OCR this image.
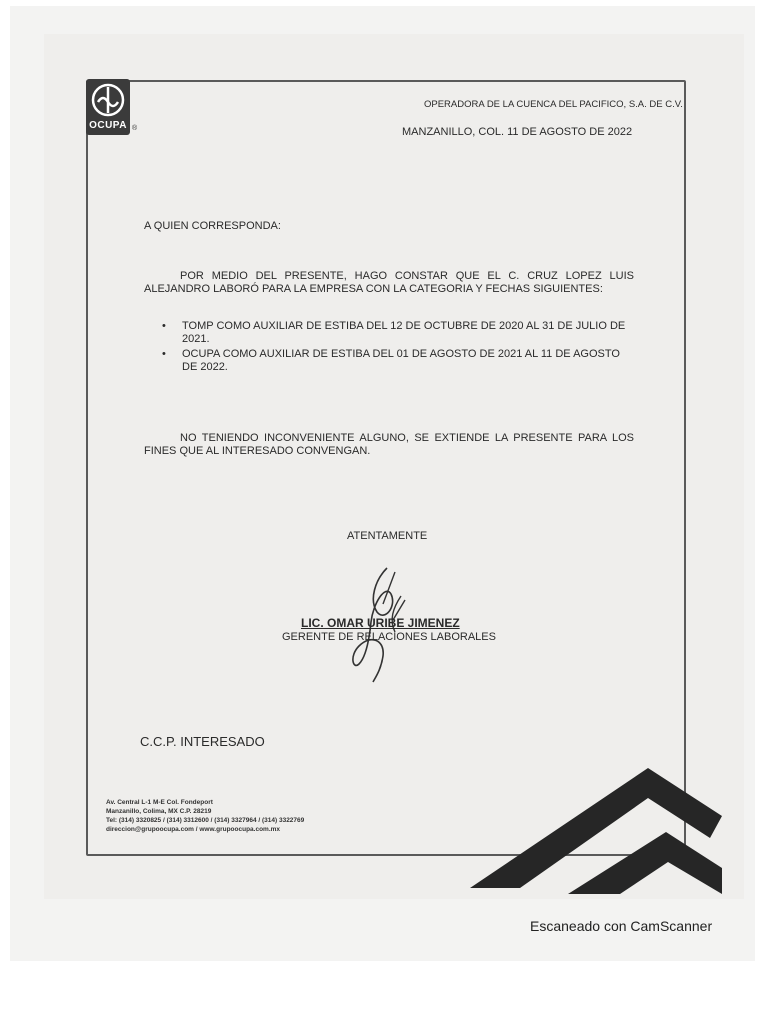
OCUPA ®
OPERADORA DE LA CUENCA DEL PACIFICO, S.A. DE C.V.
MANZANILLO, COL. 11 DE AGOSTO DE 2022
A QUIEN CORRESPONDA:
POR MEDIO DEL PRESENTE, HAGO CONSTAR QUE EL C. CRUZ LOPEZ LUIS ALEJANDRO LABORÓ PARA LA EMPRESA CON LA CATEGORIA Y FECHAS SIGUIENTES:
• TOMP COMO AUXILIAR DE ESTIBA DEL 12 DE OCTUBRE DE 2020 AL 31 DE JULIO DE 2021.
• OCUPA COMO AUXILIAR DE ESTIBA DEL 01 DE AGOSTO DE 2021 AL 11 DE AGOSTO DE 2022.
NO TENIENDO INCONVENIENTE ALGUNO, SE EXTIENDE LA PRESENTE PARA LOS FINES QUE AL INTERESADO CONVENGAN.
ATENTAMENTE
LIC. OMAR URIBE JIMENEZ
GERENTE DE RELACIONES LABORALES
C.C.P. INTERESADO
Av. Central L-1 M-E Col. Fondeport
Manzanillo, Colima, MX C.P. 28219
Tel: (314) 3320825 / (314) 3312600 / (314) 3327964 / (314) 3322769
direccion@grupoocupa.com / www.grupoocupa.com.mx
Escaneado con CamScanner
